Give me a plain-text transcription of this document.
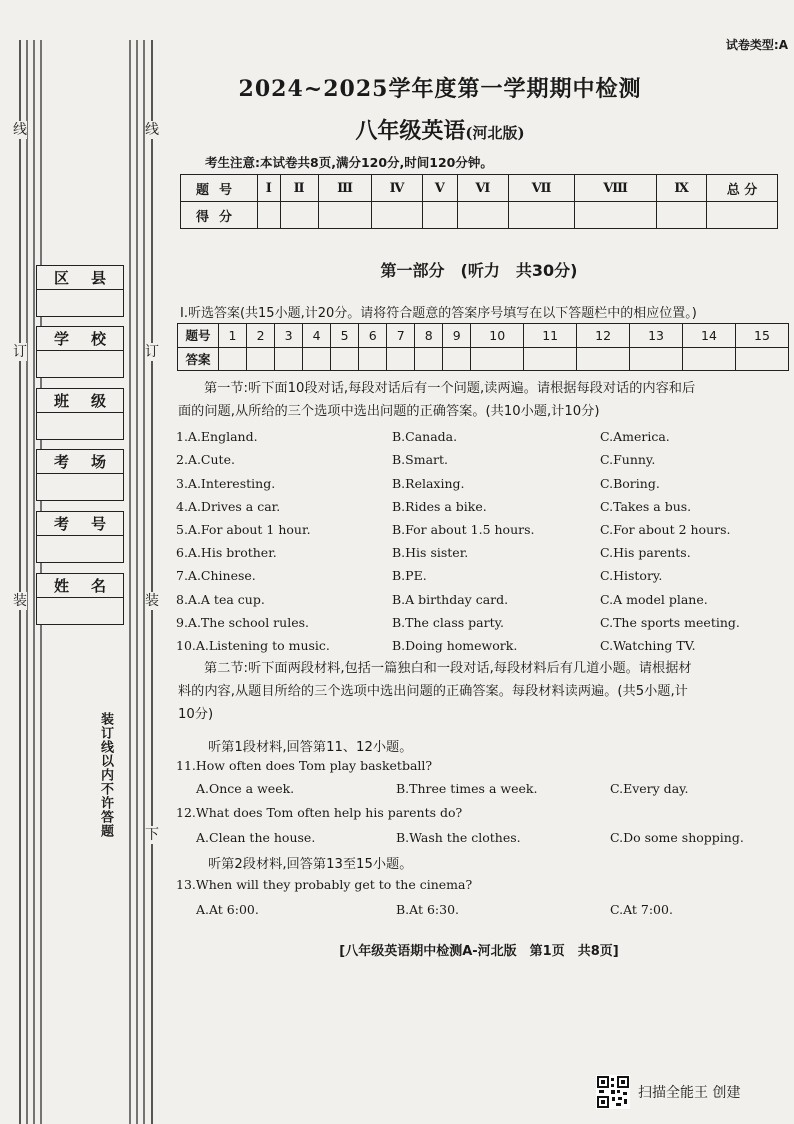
线	线
订	订
装	装
下
区 县
学 校
班 级
考 场
考 号
姓 名
装订线以内不许答题
试卷类型:A
2024~2025学年度第一学期期中检测
八年级英语(河北版)
考生注意:本试卷共8页,满分120分,时间120分钟。
题号	Ⅰ	Ⅱ	Ⅲ	Ⅳ	Ⅴ	Ⅵ	Ⅶ	Ⅷ	Ⅸ	总 分
得分										
第一部分　(听力　共30分)
Ⅰ.听选答案(共15小题,计20分。请将符合题意的答案序号填写在以下答题栏中的相应位置。)
题号	1	2	3	4	5	6	7	8	9	10	11	12	13	14	15
答案															
第一节:听下面10段对话,每段对话后有一个问题,读两遍。请根据每段对话的内容和后
面的问题,从所给的三个选项中选出问题的正确答案。(共10小题,计10分)
1.A.England.	B.Canada.	C.America.
2.A.Cute.	B.Smart.	C.Funny.
3.A.Interesting.	B.Relaxing.	C.Boring.
4.A.Drives a car.	B.Rides a bike.	C.Takes a bus.
5.A.For about 1 hour.	B.For about 1.5 hours.	C.For about 2 hours.
6.A.His brother.	B.His sister.	C.His parents.
7.A.Chinese.	B.PE.	C.History.
8.A.A tea cup.	B.A birthday card.	C.A model plane.
9.A.The school rules.	B.The class party.	C.The sports meeting.
10.A.Listening to music.	B.Doing homework.	C.Watching TV.
第二节:听下面两段材料,包括一篇独白和一段对话,每段材料后有几道小题。请根据材
料的内容,从题目所给的三个选项中选出问题的正确答案。每段材料读两遍。(共5小题,计
10分)
听第1段材料,回答第11、12小题。
11.How often does Tom play basketball?
A.Once a week.	B.Three times a week.	C.Every day.
12.What does Tom often help his parents do?
A.Clean the house.	B.Wash the clothes.	C.Do some shopping.
听第2段材料,回答第13至15小题。
13.When will they probably get to the cinema?
A.At 6:00.	B.At 6:30.	C.At 7:00.
[八年级英语期中检测A-河北版　第1页　共8页]
扫描全能王 创建
